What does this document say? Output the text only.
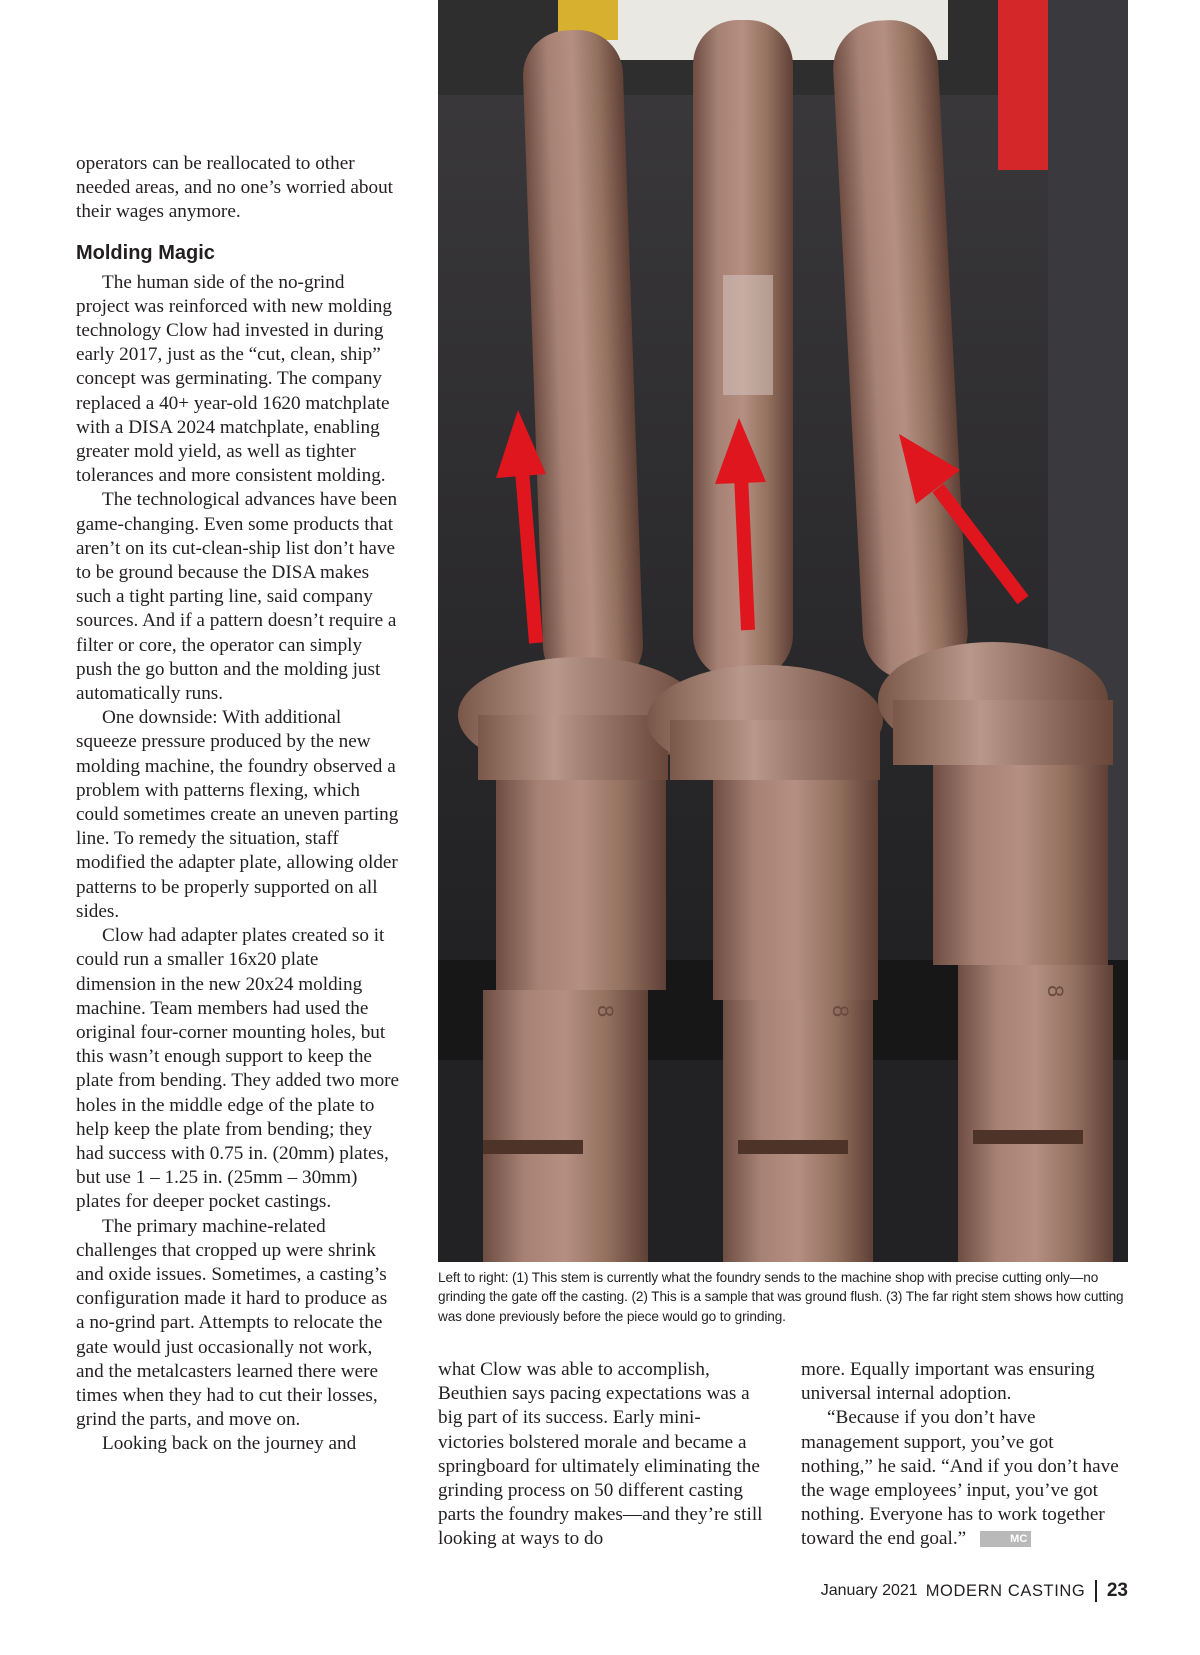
operators can be reallocated to other needed areas, and no one’s worried about their wages anymore.

Molding Magic

The human side of the no-grind project was reinforced with new molding technology Clow had invested in during early 2017, just as the “cut, clean, ship” concept was germinating. The company replaced a 40+ year-old 1620 matchplate with a DISA 2024 matchplate, enabling greater mold yield, as well as tighter tolerances and more consistent molding.

The technological advances have been game-changing. Even some products that aren’t on its cut-clean-ship list don’t have to be ground because the DISA makes such a tight parting line, said company sources. And if a pattern doesn’t require a filter or core, the operator can simply push the go button and the molding just automatically runs.

One downside: With additional squeeze pressure produced by the new molding machine, the foundry observed a problem with patterns flexing, which could sometimes create an uneven parting line. To remedy the situation, staff modified the adapter plate, allowing older patterns to be properly supported on all sides.

Clow had adapter plates created so it could run a smaller 16x20 plate dimension in the new 20x24 molding machine. Team members had used the original four-corner mounting holes, but this wasn’t enough support to keep the plate from bending. They added two more holes in the middle edge of the plate to help keep the plate from bending; they had success with 0.75 in. (20mm) plates, but use 1 – 1.25 in. (25mm – 30mm) plates for deeper pocket castings.

The primary machine-related challenges that cropped up were shrink and oxide issues. Sometimes, a casting’s configuration made it hard to produce as a no-grind part. Attempts to relocate the gate would just occasionally not work, and the metalcasters learned there were times when they had to cut their losses, grind the parts, and move on.

Looking back on the journey and

8	8
8
Left to right: (1) This stem is currently what the foundry sends to the machine shop with precise cutting only—no grinding the gate off the casting. (2) This is a sample that was ground flush. (3) The far right stem shows how cutting was done previously before the piece would go to grinding.

what Clow was able to accomplish, Beuthien says pacing expectations was a big part of its success. Early mini-victories bolstered morale and became a springboard for ultimately eliminating the grinding process on 50 different casting parts the foundry makes—and they’re still looking at ways to do

more. Equally important was ensuring universal internal adoption.

“Because if you don’t have management support, you’ve got nothing,” he said. “And if you don’t have the wage employees’ input, you’ve got nothing. Everyone has to work together toward the end goal.”	MC

January 2021 MODERN CASTING 23
